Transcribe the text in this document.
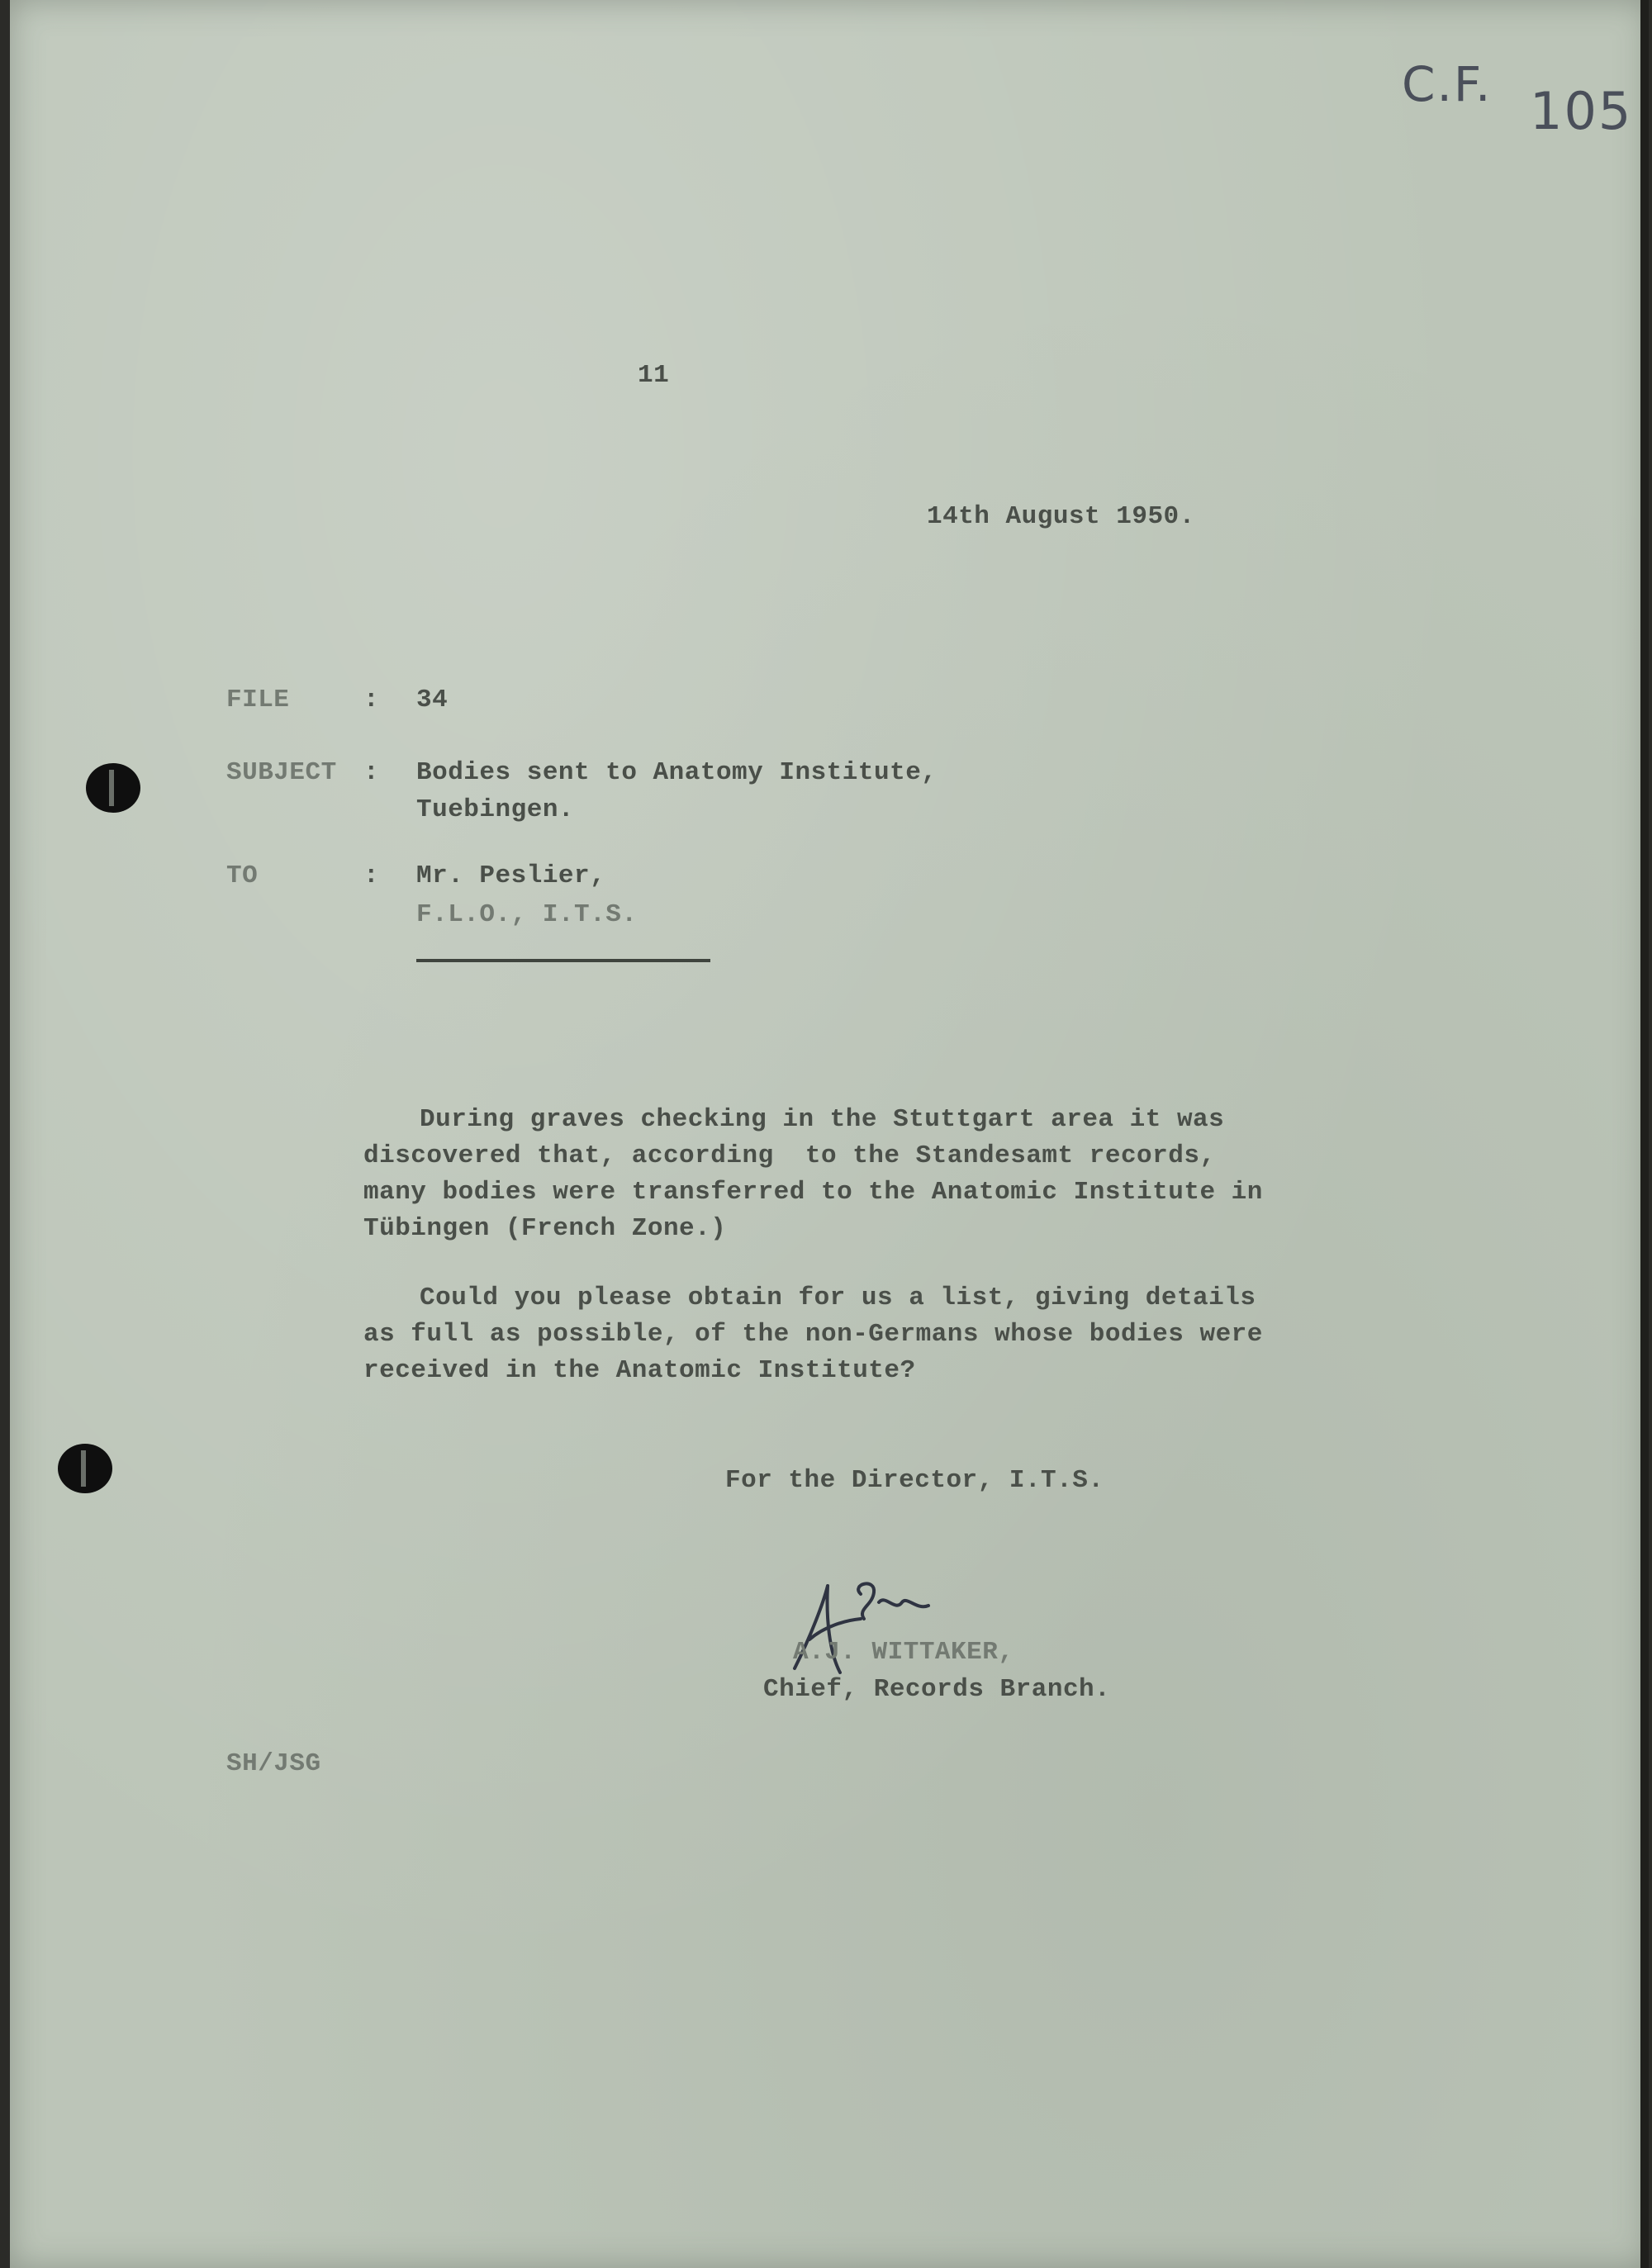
C.F. 105
11
14th August 1950.
FILE	: 34
SUBJECT : Bodies sent to Anatomy Institute,
Tuebingen.
TO	: Mr. Peslier,
F.L.O., I.T.S.
During graves checking in the Stuttgart area it was
discovered that, according  to the Standesamt records,
many bodies were transferred to the Anatomic Institute in
Tübingen (French Zone.)
Could you please obtain for us a list, giving details
as full as possible, of the non-Germans whose bodies were
received in the Anatomic Institute?
For the Director, I.T.S.
A.J. WITTAKER,
Chief, Records Branch.
SH/JSG
